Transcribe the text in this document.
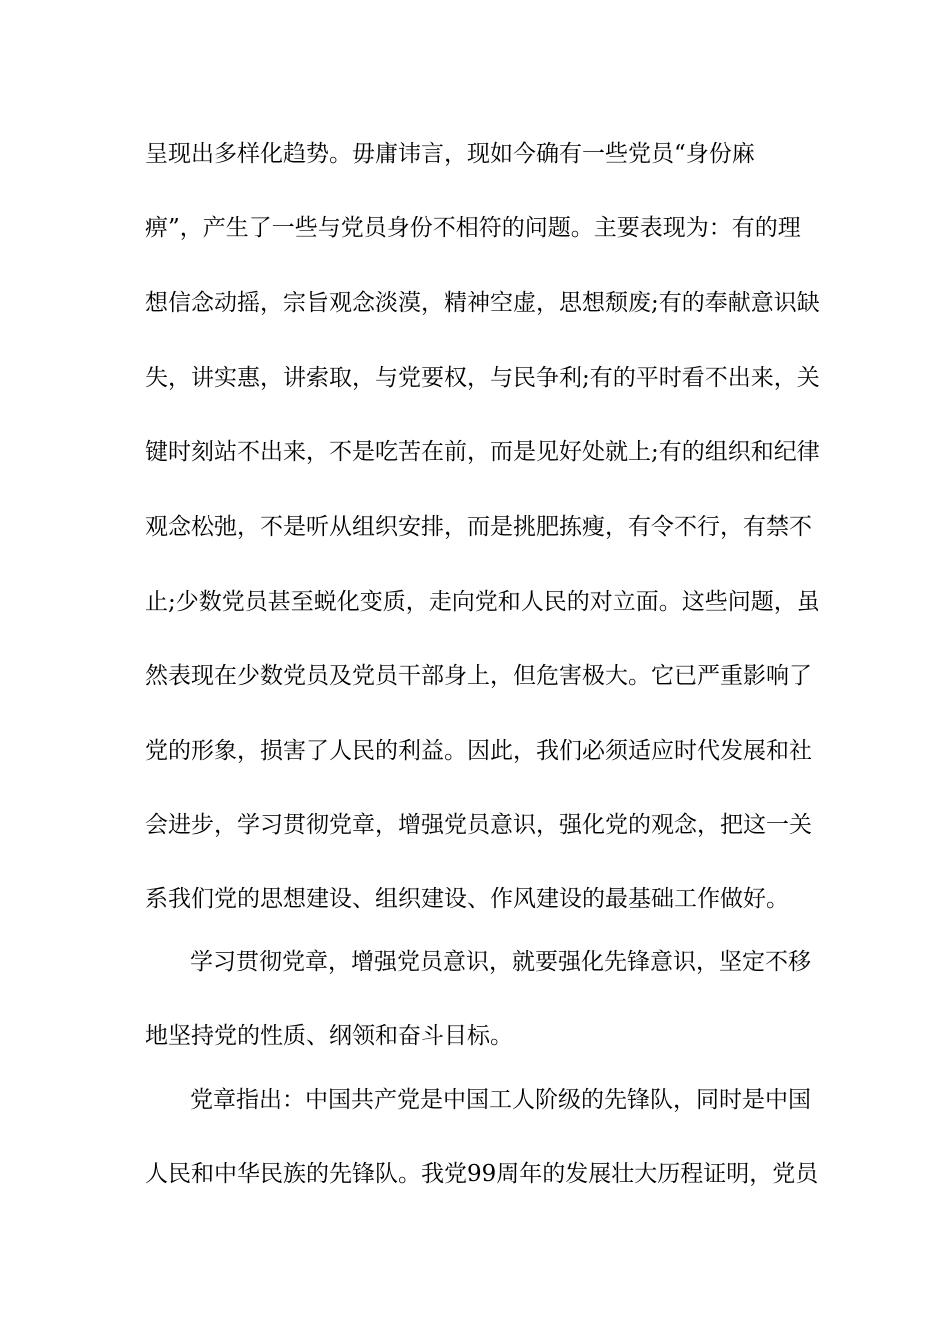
呈现出多样化趋势。毋庸讳言，现如今确有一些党员“身份麻
痹”，产生了一些与党员身份不相符的问题。主要表现为：有的理
想信念动摇，宗旨观念淡漠，精神空虚，思想颓废;有的奉献意识缺
失，讲实惠，讲索取，与党要权，与民争利;有的平时看不出来，关
键时刻站不出来，不是吃苦在前，而是见好处就上;有的组织和纪律
观念松弛，不是听从组织安排，而是挑肥拣瘦，有令不行，有禁不
止;少数党员甚至蜕化变质，走向党和人民的对立面。这些问题，虽
然表现在少数党员及党员干部身上，但危害极大。它已严重影响了
党的形象，损害了人民的利益。因此，我们必须适应时代发展和社
会进步，学习贯彻党章，增强党员意识，强化党的观念，把这一关
系我们党的思想建设、组织建设、作风建设的最基础工作做好。
学习贯彻党章，增强党员意识，就要强化先锋意识，坚定不移
地坚持党的性质、纲领和奋斗目标。
党章指出：中国共产党是中国工人阶级的先锋队，同时是中国
人民和中华民族的先锋队。我党99周年的发展壮大历程证明，党员
